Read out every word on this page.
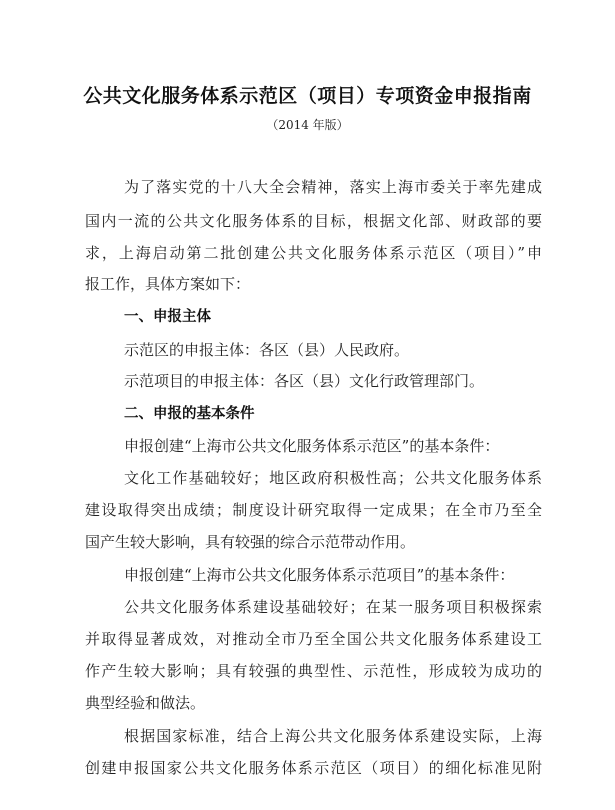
公共文化服务体系示范区（项目）专项资金申报指南
（2014 年版）
为了落实党的十八大全会精神，落实上海市委关于率先建成
国内一流的公共文化服务体系的目标，根据文化部、财政部的要
求，上海启动第二批创建公共文化服务体系示范区（项目）”申
报工作，具体方案如下：
一、申报主体
示范区的申报主体：各区（县）人民政府。
示范项目的申报主体：各区（县）文化行政管理部门。
二、申报的基本条件
申报创建“上海市公共文化服务体系示范区”的基本条件：
文化工作基础较好；地区政府积极性高；公共文化服务体系
建设取得突出成绩；制度设计研究取得一定成果；在全市乃至全
国产生较大影响，具有较强的综合示范带动作用。
申报创建“上海市公共文化服务体系示范项目”的基本条件：
公共文化服务体系建设基础较好；在某一服务项目积极探索
并取得显著成效，对推动全市乃至全国公共文化服务体系建设工
作产生较大影响；具有较强的典型性、示范性，形成较为成功的
典型经验和做法。
根据国家标准，结合上海公共文化服务体系建设实际，上海
创建申报国家公共文化服务体系示范区（项目）的细化标准见附
